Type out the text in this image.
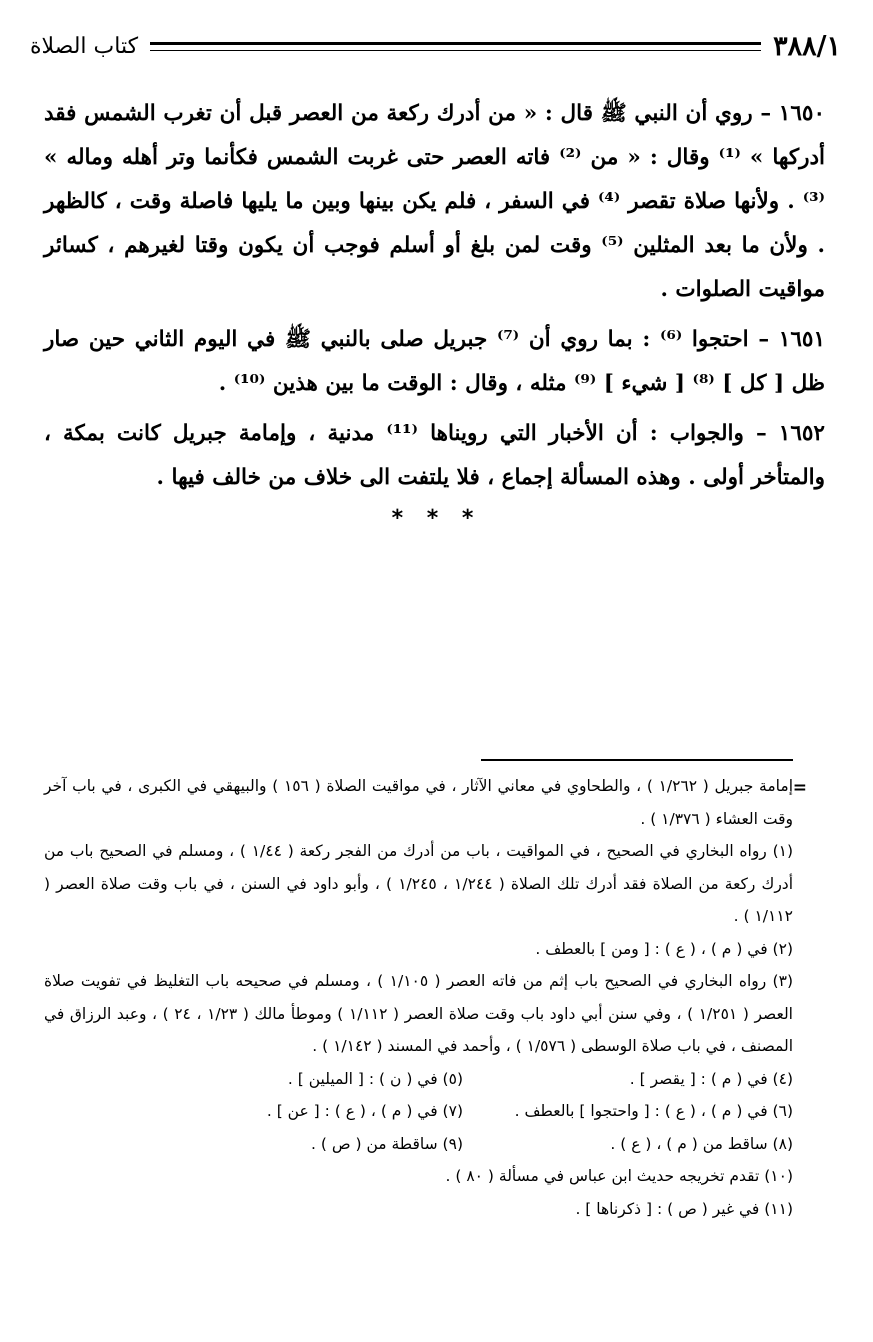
٣٨٨/١
كتاب الصلاة

١٦٥٠ – روي أن النبي ﷺ قال : « من أدرك ركعة من العصر قبل أن تغرب الشمس فقد أدركها » ⁽¹⁾ وقال : « من ⁽²⁾ فاته العصر حتى غربت الشمس فكأنما وتر أهله وماله » ⁽³⁾ . ولأنها صلاة تقصر ⁽⁴⁾ في السفر ، فلم يكن بينها وبين ما يليها فاصلة وقت ، كالظهر . ولأن ما بعد المثلين ⁽⁵⁾ وقت لمن بلغ أو أسلم فوجب أن يكون وقتا لغيرهم ، كسائر مواقيت الصلوات .

١٦٥١ – احتجوا ⁽⁶⁾ : بما روي أن ⁽⁷⁾ جبريل صلى بالنبي ﷺ في اليوم الثاني حين صار ظل [ كل ] ⁽⁸⁾ [ شيء ] ⁽⁹⁾ مثله ، وقال : الوقت ما بين هذين ⁽¹⁰⁾ .

١٦٥٢ – والجواب : أن الأخبار التي رويناها ⁽¹¹⁾ مدنية ، وإمامة جبريل كانت بمكة ، والمتأخر أولى . وهذه المسألة إجماع ، فلا يلتفت الى خلاف من خالف فيها .

* * *
=

إمامة جبريل ( ١/٢٦٢ ) ، والطحاوي في معاني الآثار ، في مواقيت الصلاة ( ١٥٦ ) والبيهقي في الكبرى ، في باب آخر وقت العشاء ( ١/٣٧٦ ) .

(١) رواه البخاري في الصحيح ، في المواقيت ، باب من أدرك من الفجر ركعة ( ١/٤٤ ) ، ومسلم في الصحيح باب من أدرك ركعة من الصلاة فقد أدرك تلك الصلاة ( ١/٢٤٤ ، ١/٢٤٥ ) ، وأبو داود في السنن ، في باب وقت صلاة العصر ( ١/١١٢ ) .

(٢) في ( م ) ، ( ع ) : [ ومن ] بالعطف .

(٣) رواه البخاري في الصحيح باب إثم من فاته العصر ( ١/١٠٥ ) ، ومسلم في صحيحه باب التغليظ في تفويت صلاة العصر ( ١/٢٥١ ) ، وفي سنن أبي داود باب وقت صلاة العصر ( ١/١١٢ ) وموطأ مالك ( ١/٢٣ ، ٢٤ ) ، وعبد الرزاق في المصنف ، في باب صلاة الوسطى ( ١/٥٧٦ ) ، وأحمد في المسند ( ١/١٤٢ ) .

(٤) في ( م ) : [ يقصر ] .
(٥) في ( ن ) : [ الميلين ] .
(٦) في ( م ) ، ( ع ) : [ واحتجوا ] بالعطف .
(٧) في ( م ) ، ( ع ) : [ عن ] .
(٨) ساقط من ( م ) ، ( ع ) .
(٩) ساقطة من ( ص ) .

(١٠) تقدم تخريجه حديث ابن عباس في مسألة ( ٨٠ ) .

(١١) في غير ( ص ) : [ ذكرناها ] .
